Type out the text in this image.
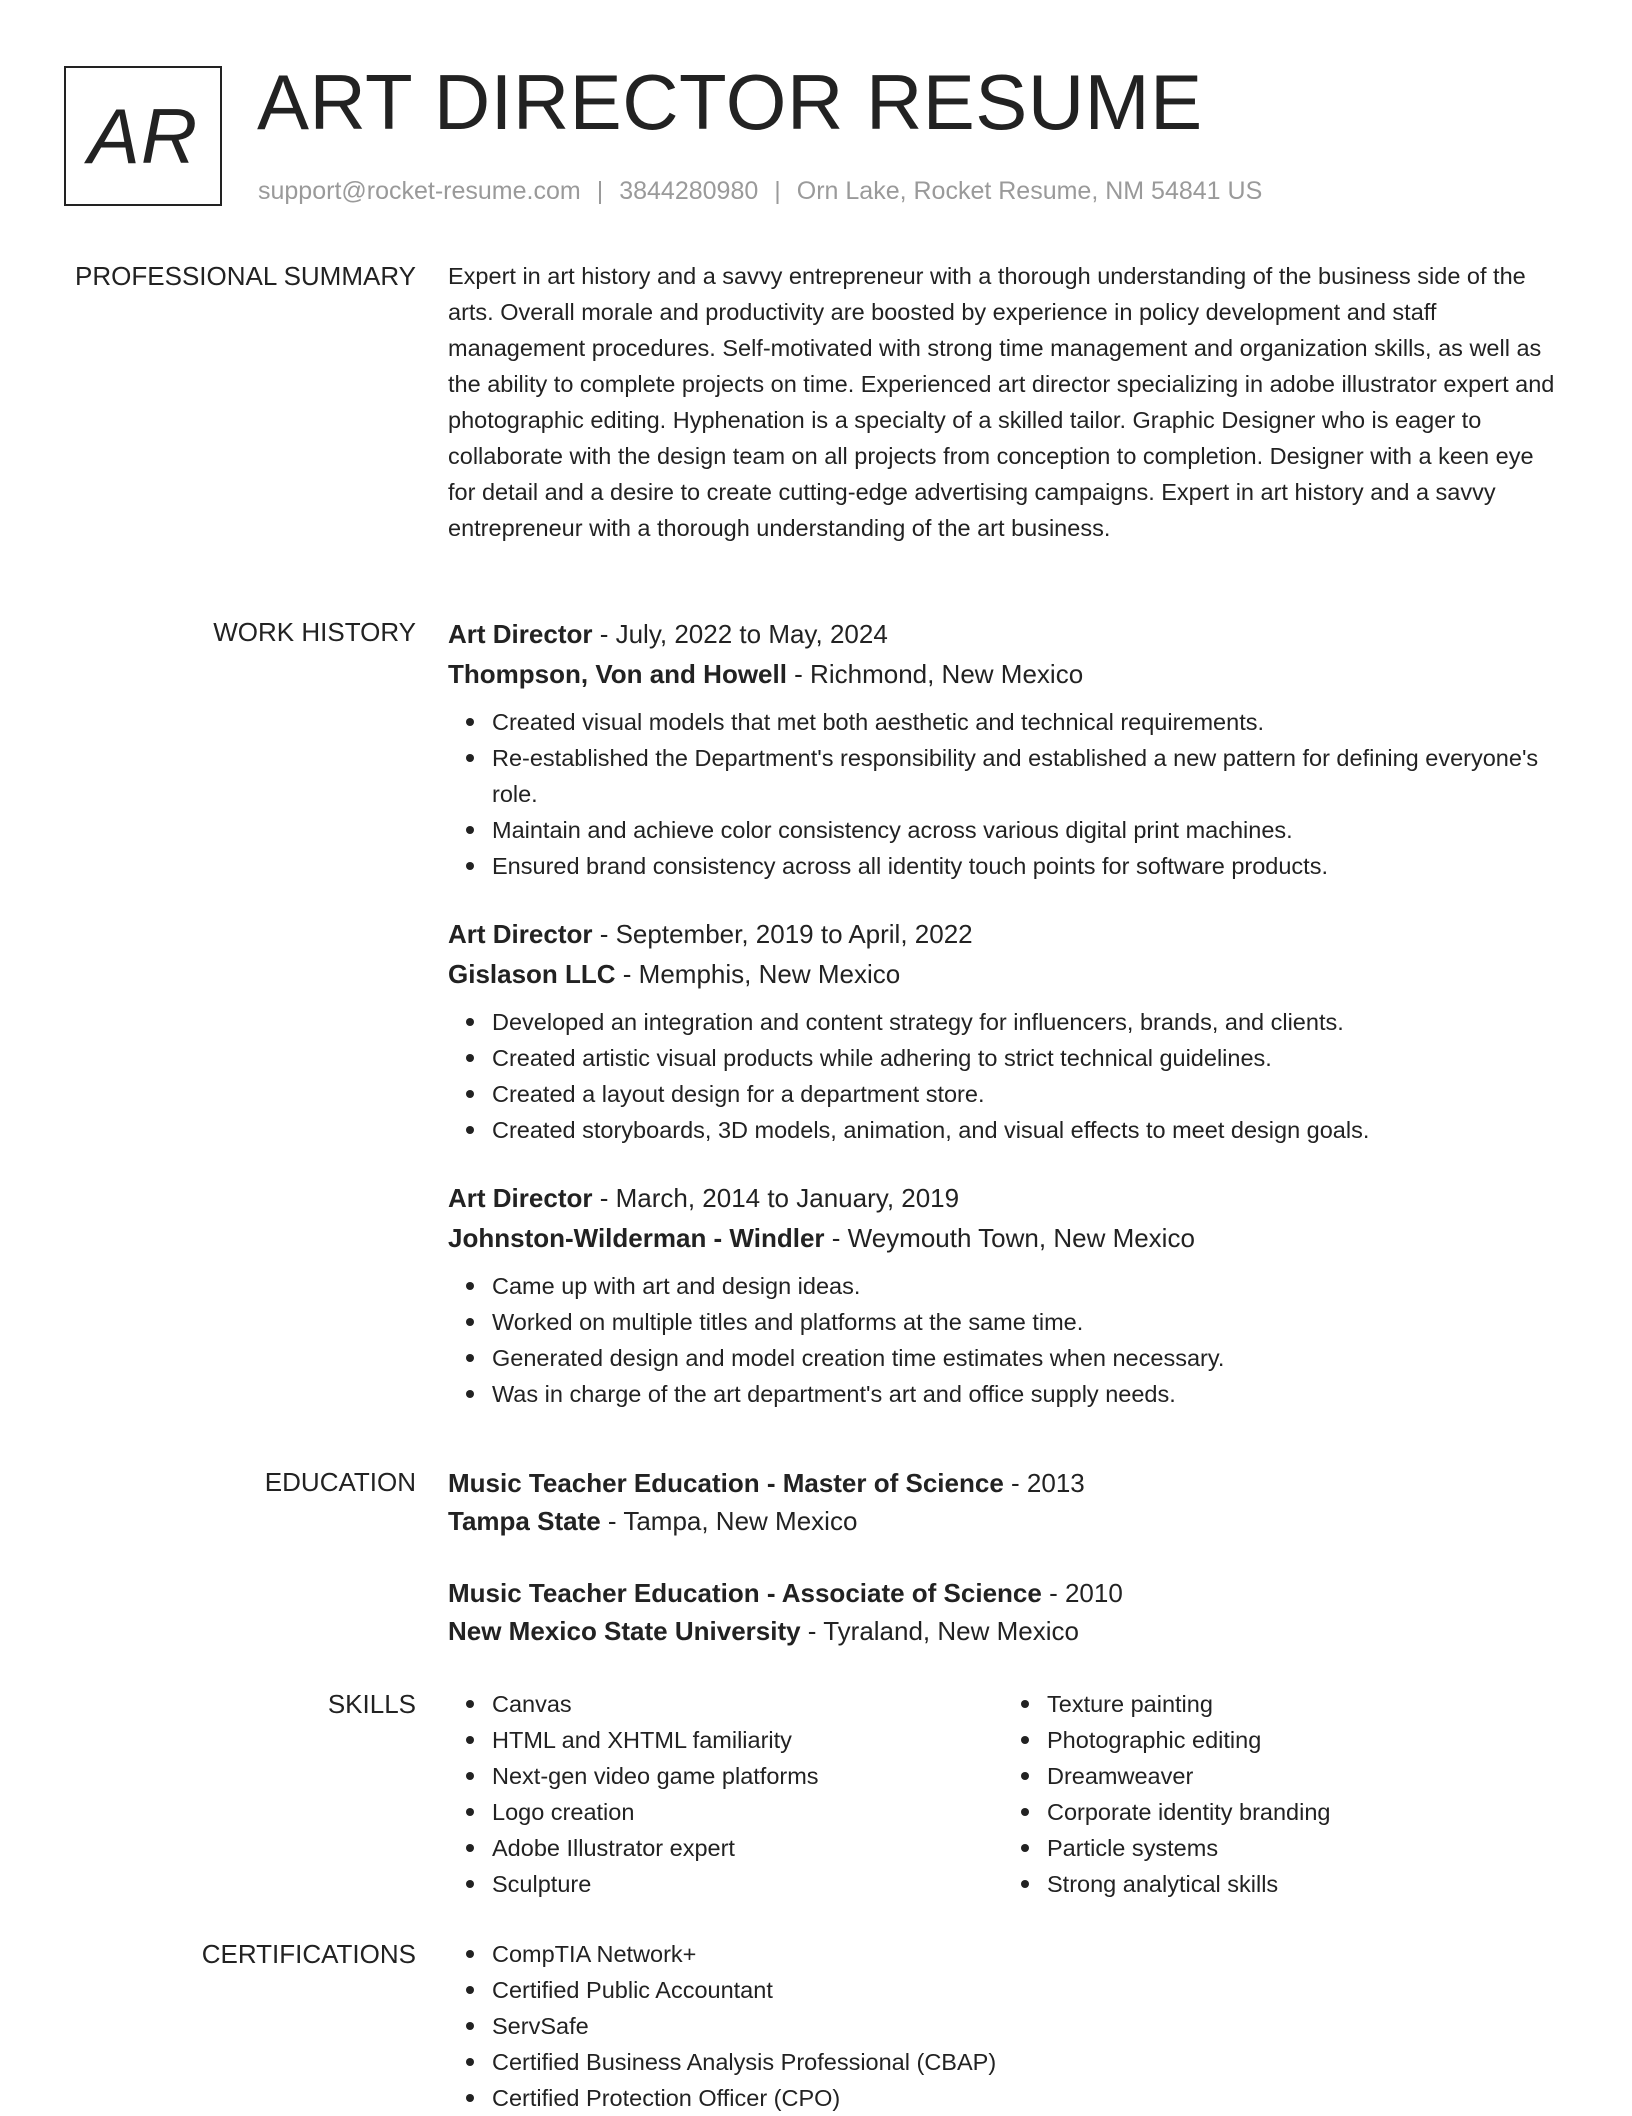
AR ART DIRECTOR RESUME
support@rocket-resume.com | 3844280980 | Orn Lake, Rocket Resume, NM 54841 US
PROFESSIONAL SUMMARY Expert in art history and a savvy entrepreneur with a thorough understanding of the business side of the arts. Overall morale and productivity are boosted by experience in policy development and staff management procedures. Self-motivated with strong time management and organization skills, as well as the ability to complete projects on time. Experienced art director specializing in adobe illustrator expert and photographic editing. Hyphenation is a specialty of a skilled tailor. Graphic Designer who is eager to collaborate with the design team on all projects from conception to completion. Designer with a keen eye for detail and a desire to create cutting-edge advertising campaigns. Expert in art history and a savvy entrepreneur with a thorough understanding of the art business.

WORK HISTORY Art Director - July, 2022 to May, 2024
Thompson, Von and Howell - Richmond, New Mexico
Created visual models that met both aesthetic and technical requirements.
Re-established the Department's responsibility and established a new pattern for defining everyone's role.
Maintain and achieve color consistency across various digital print machines.
Ensured brand consistency across all identity touch points for software products.
Art Director - September, 2019 to April, 2022
Gislason LLC - Memphis, New Mexico
Developed an integration and content strategy for influencers, brands, and clients.
Created artistic visual products while adhering to strict technical guidelines.
Created a layout design for a department store.
Created storyboards, 3D models, animation, and visual effects to meet design goals.
Art Director - March, 2014 to January, 2019
Johnston-Wilderman - Windler - Weymouth Town, New Mexico
Came up with art and design ideas.
Worked on multiple titles and platforms at the same time.
Generated design and model creation time estimates when necessary.
Was in charge of the art department's art and office supply needs.
EDUCATION Music Teacher Education - Master of Science - 2013
Tampa State - Tampa, New Mexico
Music Teacher Education - Associate of Science - 2010
New Mexico State University - Tyraland, New Mexico
SKILLS	Canvas
HTML and XHTML familiarity
Next-gen video game platforms
Logo creation
Adobe Illustrator expert
Sculpture
Texture painting
Photographic editing
Dreamweaver
Corporate identity branding
Particle systems
Strong analytical skills
CERTIFICATIONS	CompTIA Network+
Certified Public Accountant
ServSafe
Certified Business Analysis Professional (CBAP)
Certified Protection Officer (CPO)
